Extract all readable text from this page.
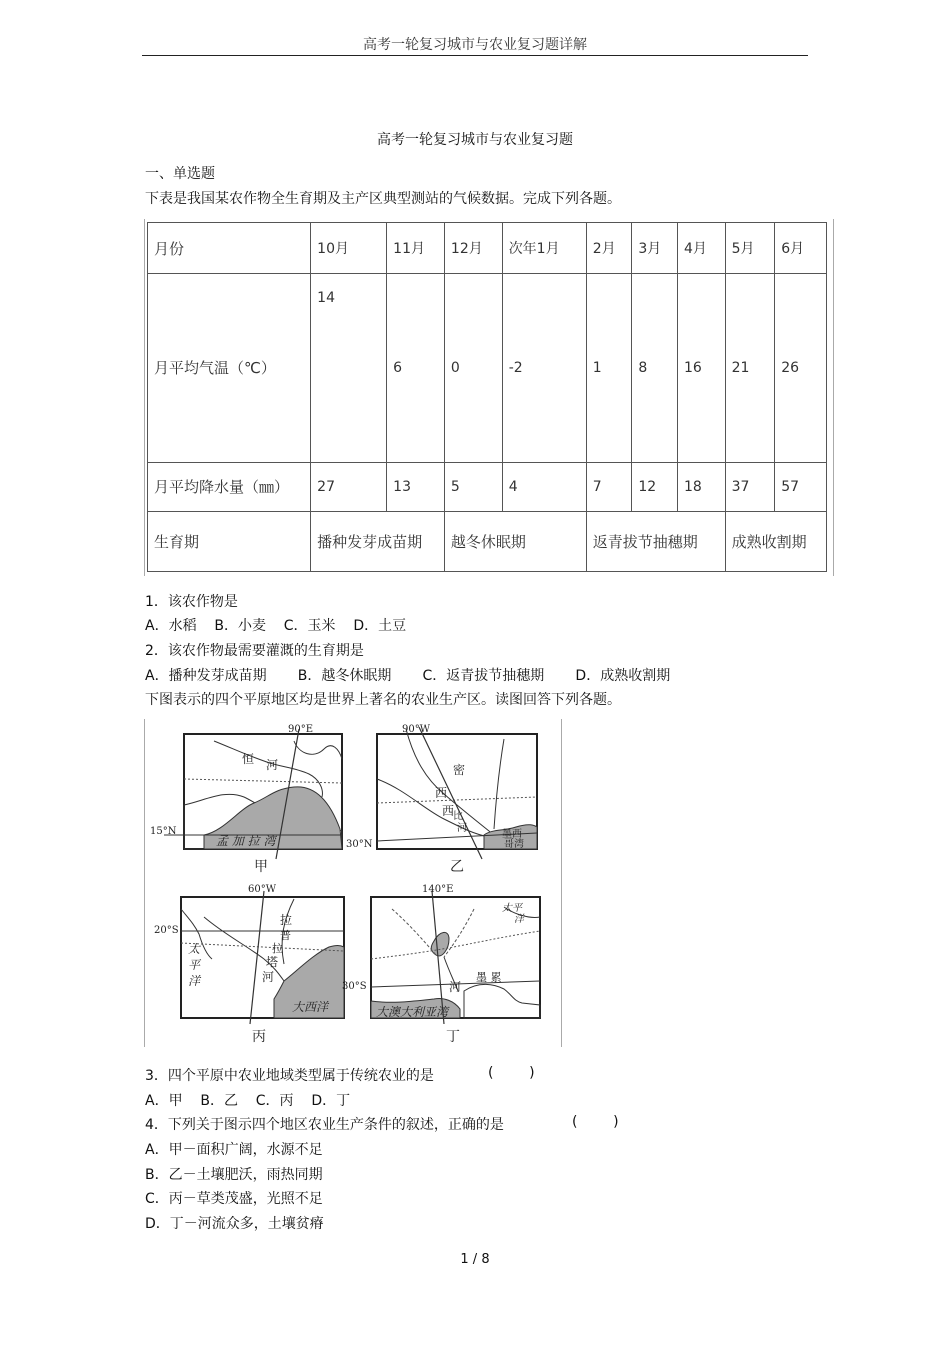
高考一轮复习城市与农业复习题详解
高考一轮复习城市与农业复习题
一、单选题
下表是我国某农作物全生育期及主产区典型测站的气候数据。完成下列各题。
月份	10月	11月	12月	次年1月	2月	3月	4月	5月	6月
月平均气温（℃）	14	6	0	-2	1	8	16	21	26
月平均降水量（㎜）	27	13	5	4	7	12	18	37	57
生育期	播种发芽成苗期		越冬休眠期		返青拔节抽穗期			成熟收割期	
1．该农作物是
A．水稻    B．小麦    C．玉米    D．土豆
2．该农作物最需要灌溉的生育期是
A．播种发芽成苗期       B．越冬休眠期       C．返青拔节抽穗期       D．成熟收割期
下图表示的四个平原地区均是世界上著名的农业生产区。读图回答下列各题。
90°E
15°N
恒 河
孟 加 拉 湾
甲
90°W
30°N
密
西
西
比
河
墨西
哥湾
乙
60°W
20°S
拉
普
拉
塔
河
太
平
洋
大西洋
丙
140°E
30°S	河
墨 累
太平
洋
大澳大利亚湾
丁
3．四个平原中农业地域类型属于传统农业的是	(        )
A．甲    B．乙    C．丙    D．丁
4．下列关于图示四个地区农业生产条件的叙述，正确的是	(        )
A．甲－面积广阔，水源不足
B．乙－土壤肥沃，雨热同期
C．丙－草类茂盛，光照不足
D．丁－河流众多，土壤贫瘠
1 / 8
